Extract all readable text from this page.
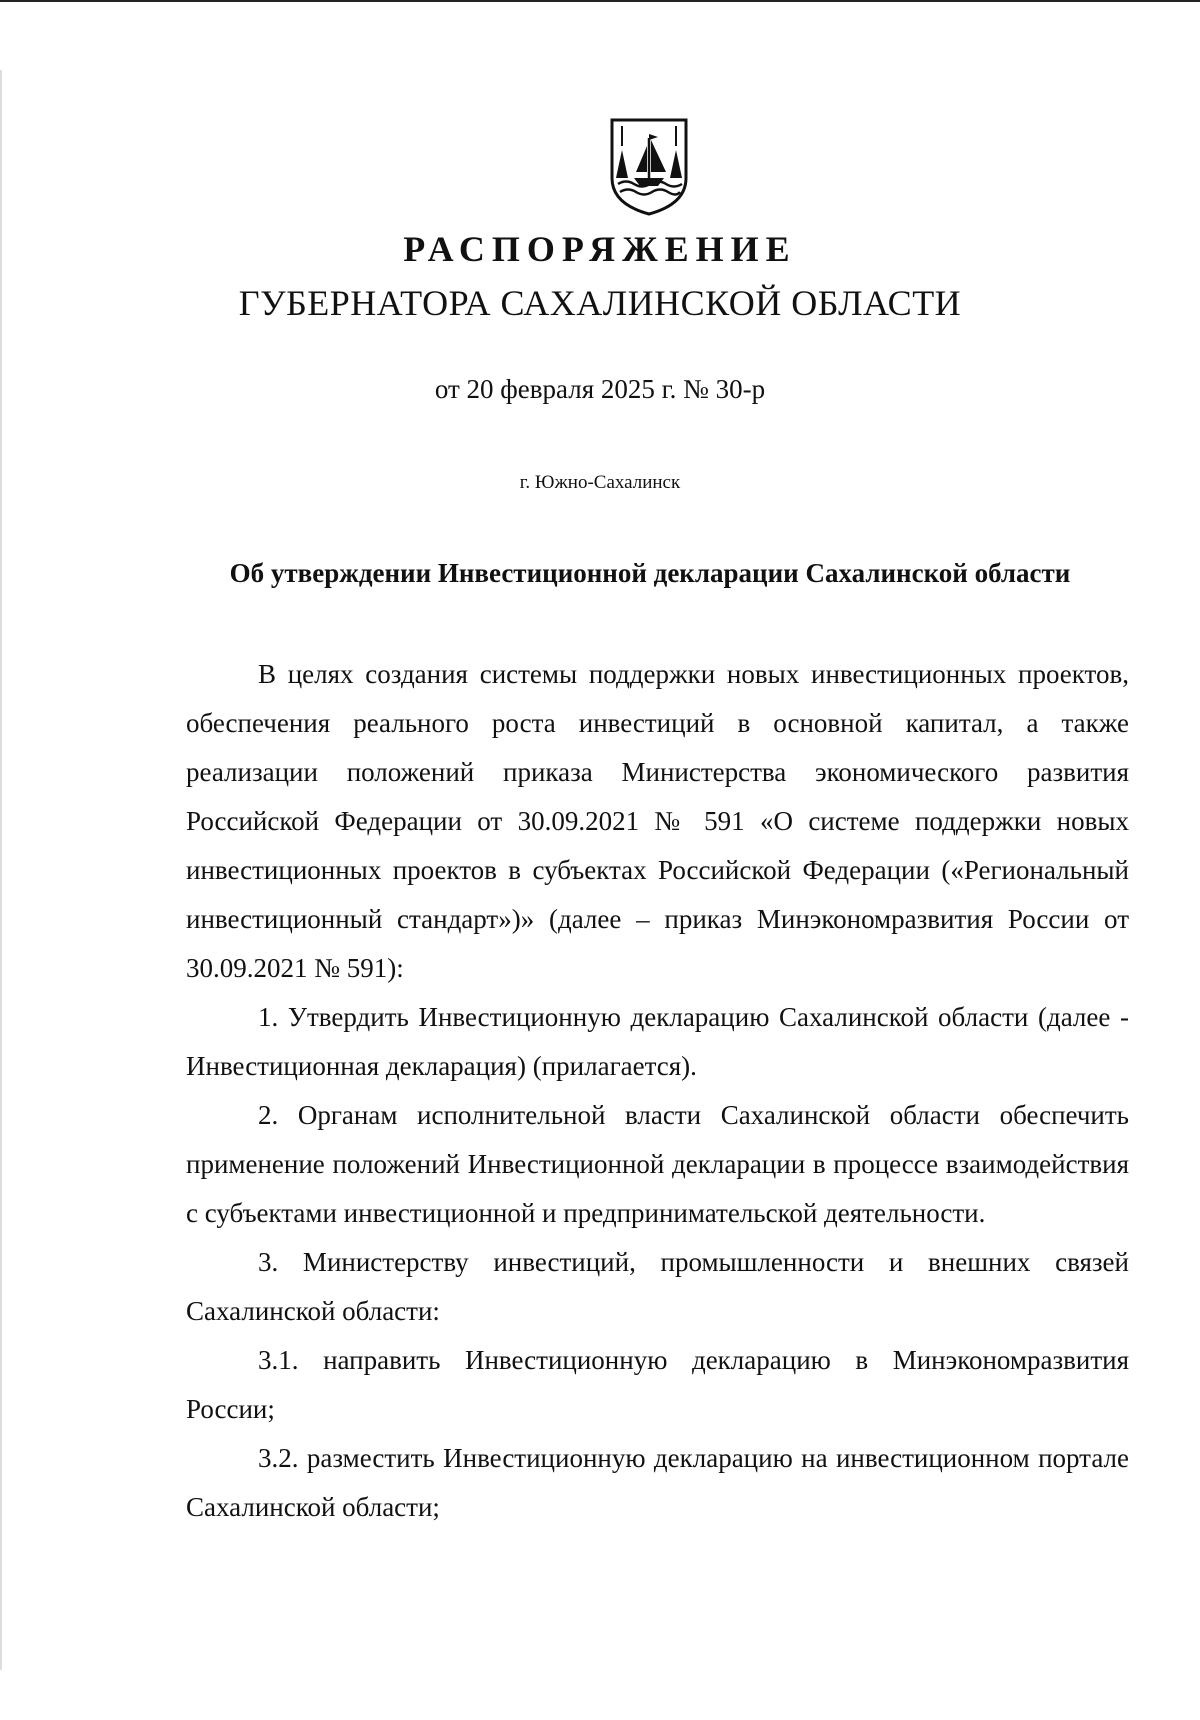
РАСПОРЯЖЕНИЕ
ГУБЕРНАТОРА САХАЛИНСКОЙ ОБЛАСТИ
от 20 февраля 2025 г. № 30-р
г. Южно-Сахалинск
Об утверждении Инвестиционной декларации Сахалинской области

В целях создания системы поддержки новых инвестиционных проектов, обеспечения реального роста инвестиций в основной капитал, а также реализации положений приказа Министерства экономического развития Российской Федерации от 30.09.2021 № 591 «О системе поддержки новых инвестиционных проектов в субъектах Российской Федерации («Региональный инвестиционный стандарт»)» (далее – приказ Минэкономразвития России от 30.09.2021 № 591):

1. Утвердить Инвестиционную декларацию Сахалинской области (далее - Инвестиционная декларация) (прилагается).

2. Органам исполнительной власти Сахалинской области обеспечить применение положений Инвестиционной декларации в процессе взаимодействия с субъектами инвестиционной и предпринимательской деятельности.

3. Министерству инвестиций, промышленности и внешних связей Сахалинской области:

3.1. направить Инвестиционную декларацию в Минэкономразвития России;

3.2. разместить Инвестиционную декларацию на инвестиционном портале Сахалинской области;
